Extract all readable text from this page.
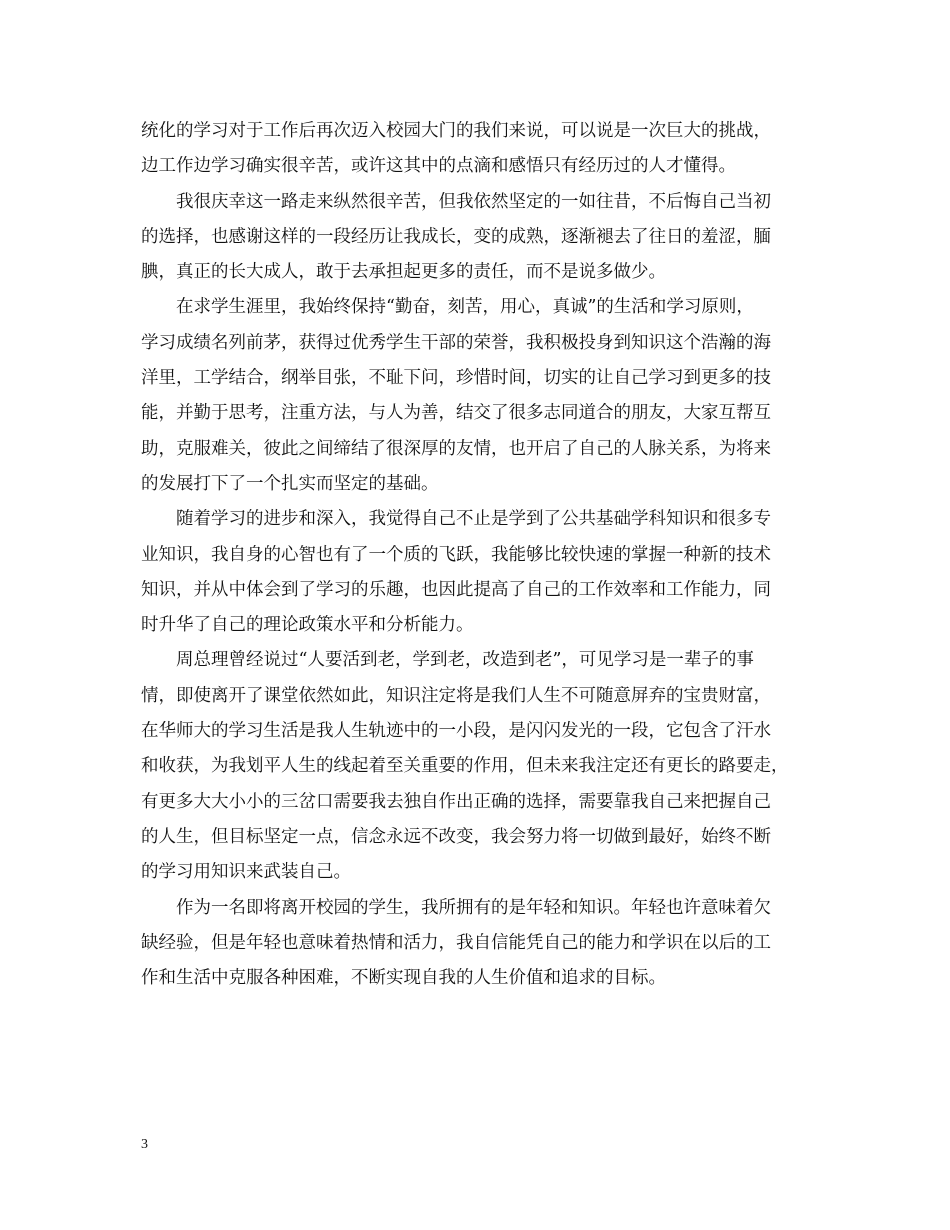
统化的学习对于工作后再次迈入校园大门的我们来说，可以说是一次巨大的挑战，
边工作边学习确实很辛苦，或许这其中的点滴和感悟只有经历过的人才懂得。
我很庆幸这一路走来纵然很辛苦，但我依然坚定的一如往昔，不后悔自己当初
的选择，也感谢这样的一段经历让我成长，变的成熟，逐渐褪去了往日的羞涩，腼
腆，真正的长大成人，敢于去承担起更多的责任，而不是说多做少。
在求学生涯里，我始终保持“勤奋，刻苦，用心，真诚”的生活和学习原则，
学习成绩名列前茅，获得过优秀学生干部的荣誉，我积极投身到知识这个浩瀚的海
洋里，工学结合，纲举目张，不耻下问，珍惜时间，切实的让自己学习到更多的技
能，并勤于思考，注重方法，与人为善，结交了很多志同道合的朋友，大家互帮互
助，克服难关，彼此之间缔结了很深厚的友情，也开启了自己的人脉关系，为将来
的发展打下了一个扎实而坚定的基础。
随着学习的进步和深入，我觉得自己不止是学到了公共基础学科知识和很多专
业知识，我自身的心智也有了一个质的飞跃，我能够比较快速的掌握一种新的技术
知识，并从中体会到了学习的乐趣，也因此提高了自己的工作效率和工作能力，同
时升华了自己的理论政策水平和分析能力。
周总理曾经说过“人要活到老，学到老，改造到老”，可见学习是一辈子的事
情，即使离开了课堂依然如此，知识注定将是我们人生不可随意屏弃的宝贵财富，
在华师大的学习生活是我人生轨迹中的一小段，是闪闪发光的一段，它包含了汗水
和收获，为我划平人生的线起着至关重要的作用，但未来我注定还有更长的路要走，
有更多大大小小的三岔口需要我去独自作出正确的选择，需要靠我自己来把握自己
的人生，但目标坚定一点，信念永远不改变，我会努力将一切做到最好，始终不断
的学习用知识来武装自己。
作为一名即将离开校园的学生，我所拥有的是年轻和知识。年轻也许意味着欠
缺经验，但是年轻也意味着热情和活力，我自信能凭自己的能力和学识在以后的工
作和生活中克服各种困难，不断实现自我的人生价值和追求的目标。
3
